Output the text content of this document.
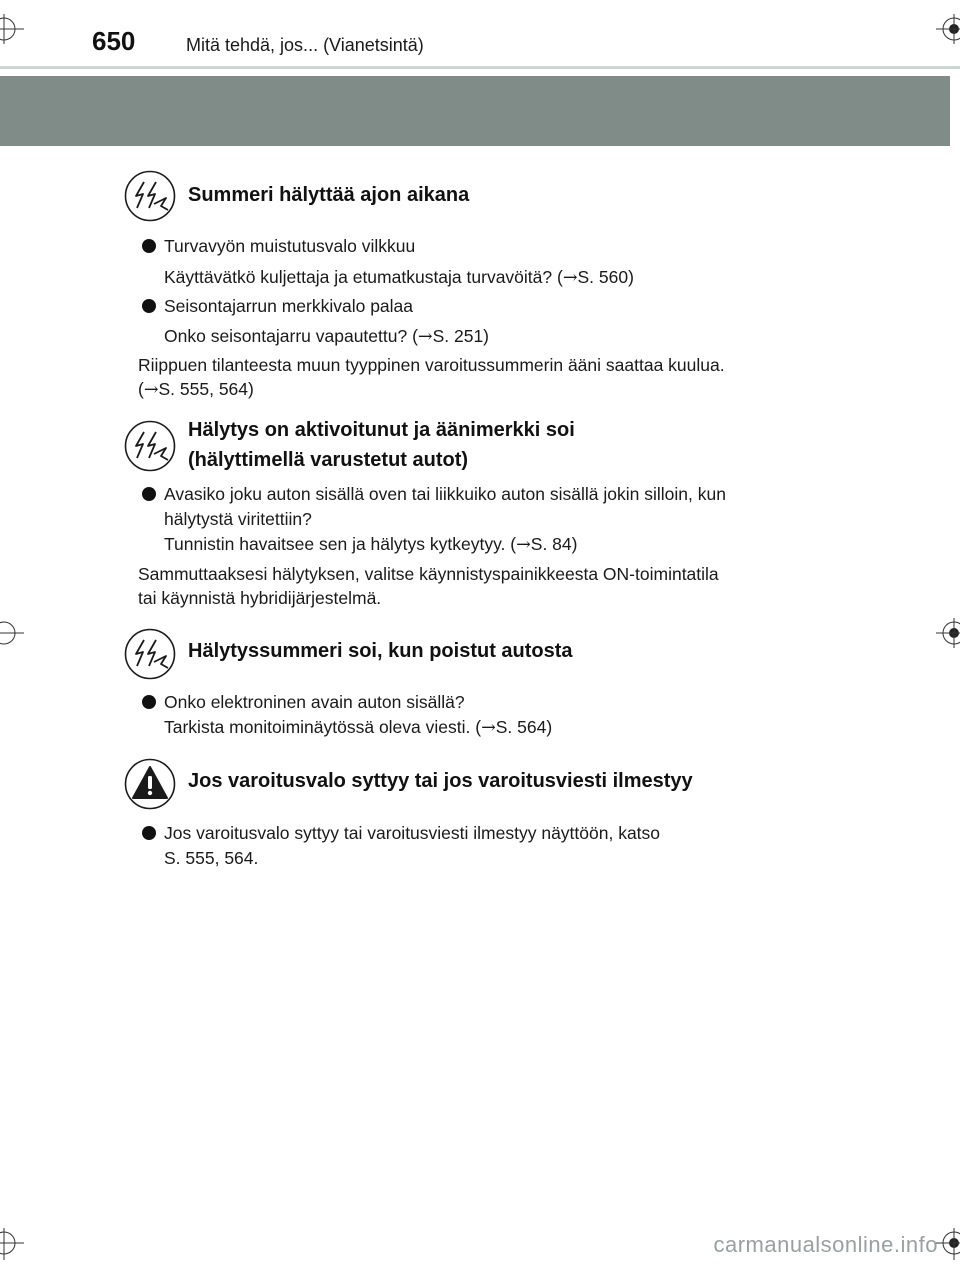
650	Mitä tehdä, jos... (Vianetsintä)
Summeri hälyttää ajon aikana
Turvavyön muistutusvalo vilkkuu
Käyttävätkö kuljettaja ja etumatkustaja turvavöitä? (→S. 560)
Seisontajarrun merkkivalo palaa
Onko seisontajarru vapautettu? (→S. 251)
Riippuen tilanteesta muun tyyppinen varoitussummerin ääni saattaa kuulua.
(→S. 555, 564)
Hälytys on aktivoitunut ja äänimerkki soi
(hälyttimellä varustetut autot)
Avasiko joku auton sisällä oven tai liikkuiko auton sisällä jokin silloin, kun
hälytystä viritettiin?
Tunnistin havaitsee sen ja hälytys kytkeytyy. (→S. 84)
Sammuttaaksesi hälytyksen, valitse käynnistyspainikkeesta ON-toimintatila
tai käynnistä hybridijärjestelmä.
Hälytyssummeri soi, kun poistut autosta
Onko elektroninen avain auton sisällä?
Tarkista monitoiminäytössä oleva viesti. (→S. 564)
Jos varoitusvalo syttyy tai jos varoitusviesti ilmestyy
Jos varoitusvalo syttyy tai varoitusviesti ilmestyy näyttöön, katso
S. 555, 564.
carmanualsonline.info
